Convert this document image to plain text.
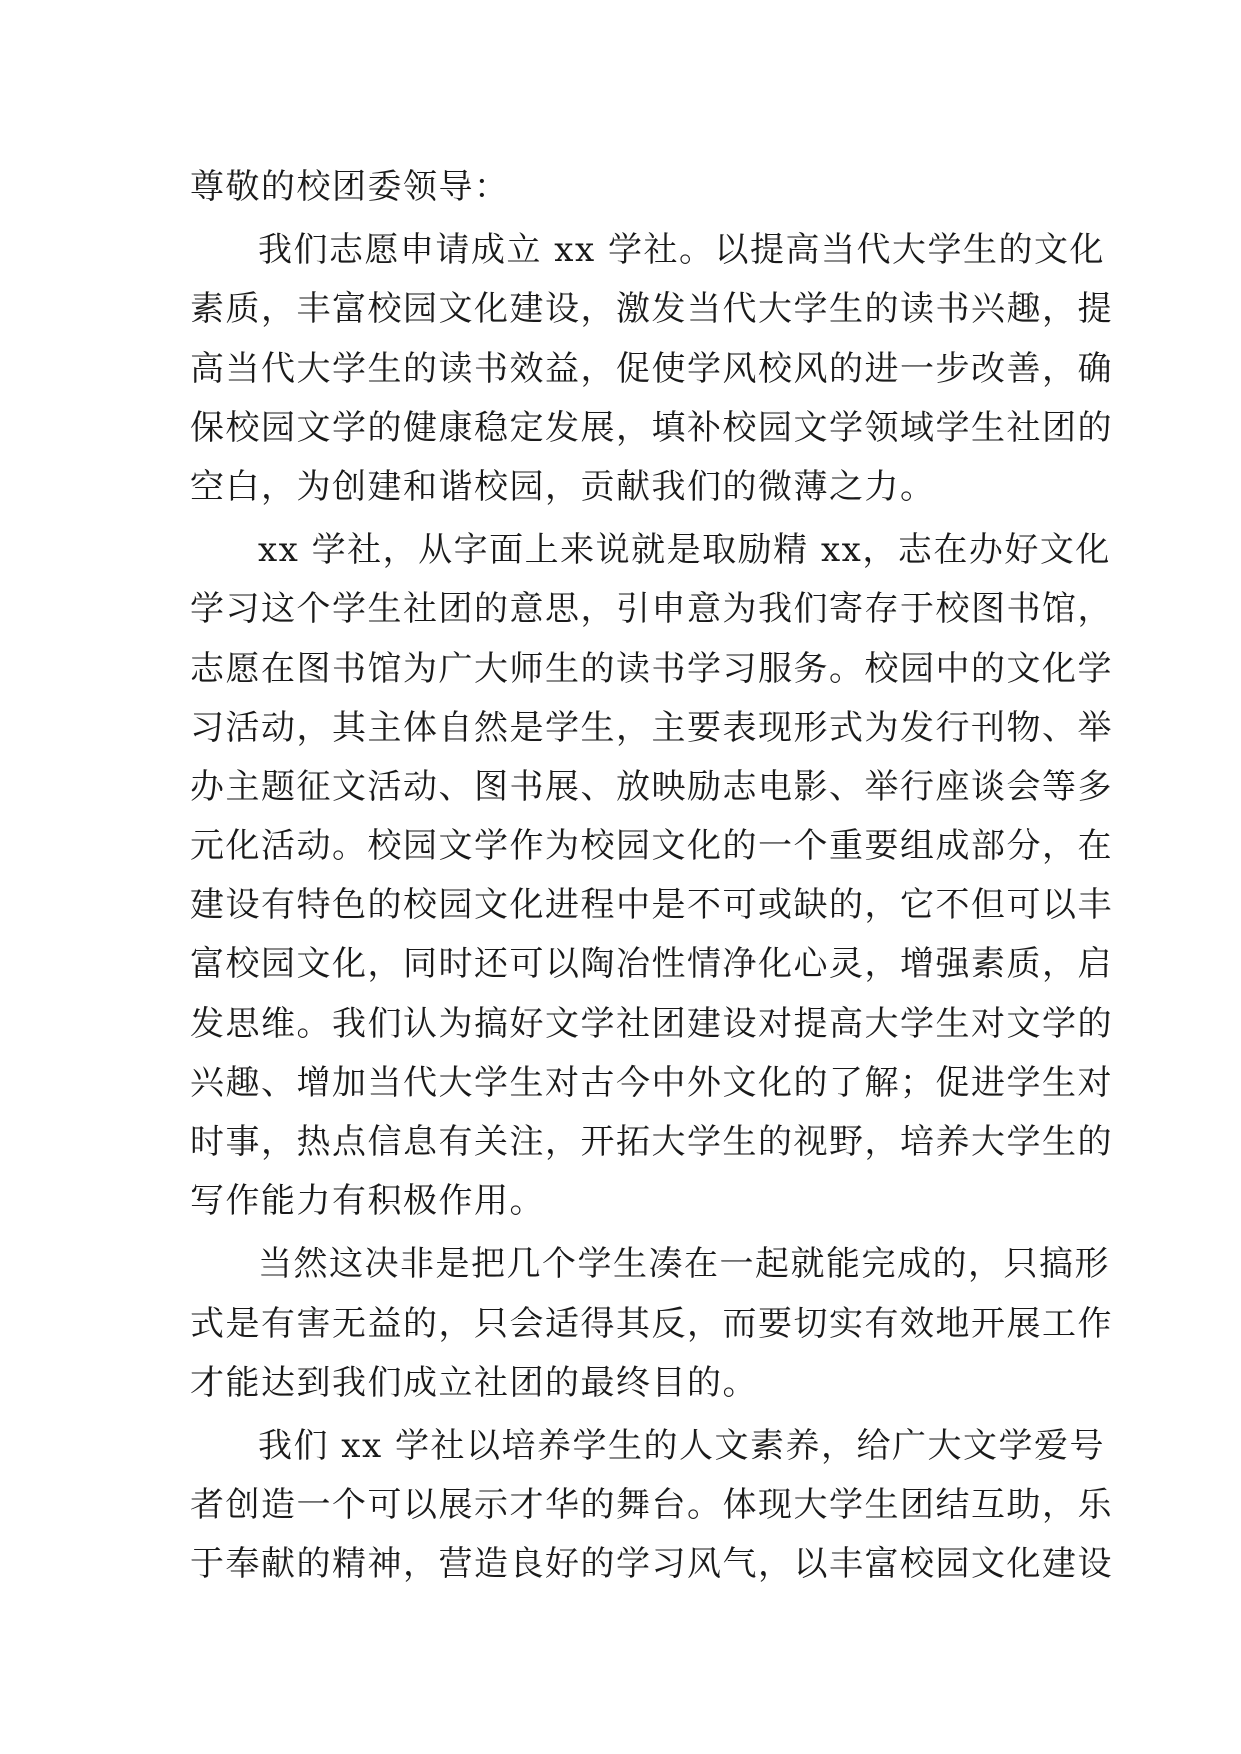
尊敬的校团委领导：
我们志愿申请成立 xx 学社。以提高当代大学生的文化
素质，丰富校园文化建设，激发当代大学生的读书兴趣，提
高当代大学生的读书效益，促使学风校风的进一步改善，确
保校园文学的健康稳定发展，填补校园文学领域学生社团的
空白，为创建和谐校园，贡献我们的微薄之力。
xx 学社，从字面上来说就是取励精 xx，志在办好文化
学习这个学生社团的意思，引申意为我们寄存于校图书馆，
志愿在图书馆为广大师生的读书学习服务。校园中的文化学
习活动，其主体自然是学生，主要表现形式为发行刊物、举
办主题征文活动、图书展、放映励志电影、举行座谈会等多
元化活动。校园文学作为校园文化的一个重要组成部分，在
建设有特色的校园文化进程中是不可或缺的，它不但可以丰
富校园文化，同时还可以陶冶性情净化心灵，增强素质，启
发思维。我们认为搞好文学社团建设对提高大学生对文学的
兴趣、增加当代大学生对古今中外文化的了解；促进学生对
时事，热点信息有关注，开拓大学生的视野，培养大学生的
写作能力有积极作用。
当然这决非是把几个学生凑在一起就能完成的，只搞形
式是有害无益的，只会适得其反，而要切实有效地开展工作
才能达到我们成立社团的最终目的。
我们 xx 学社以培养学生的人文素养，给广大文学爱号
者创造一个可以展示才华的舞台。体现大学生团结互助，乐
于奉献的精神，营造良好的学习风气，以丰富校园文化建设
